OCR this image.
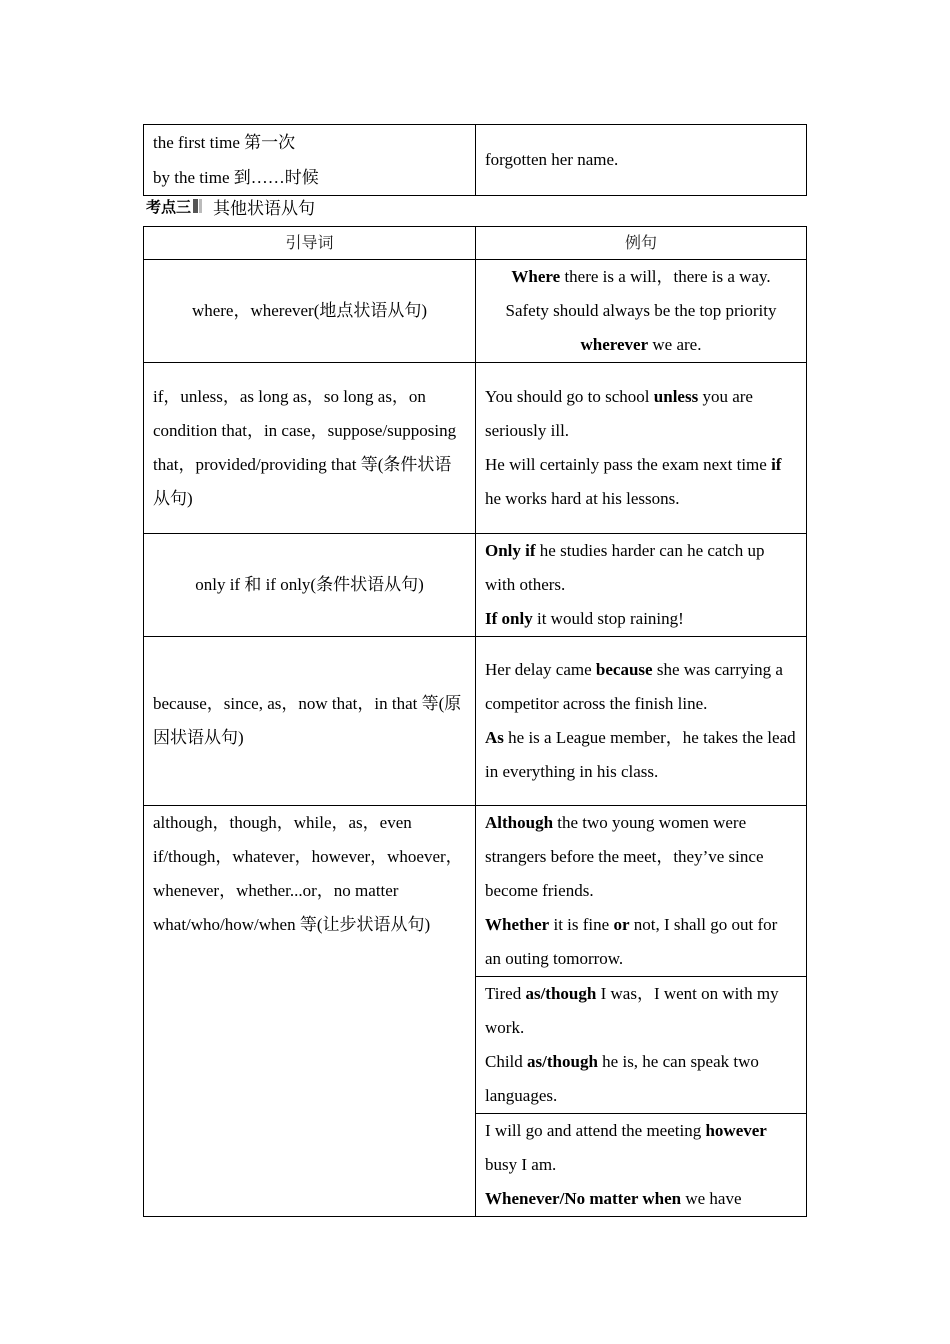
the first time 第一次
by the time 到……时候
	forgotten her name.
考点三 其他状语从句
引导词	例句
where，wherever(地点状语从句)	Where there is a will，there is a way.
Safety should always be the top priority wherever we are.

if，unless，as long as，so long as，on condition that，in case，suppose/supposing that，provided/providing that 等(条件状语从句)	You should go to school unless you are seriously ill.
He will certainly pass the exam next time if he works hard at his lessons.

only if 和 if only(条件状语从句)	Only if he studies harder can he catch up with others.
If only it would stop raining!

because，since, as，now that，in that 等(原因状语从句)	Her delay came because she was carrying a competitor across the finish line.
As he is a League member，he takes the lead in everything in his class.

although，though，while，as，even if/though，whatever，however，whoever，whenever，whether...or，no matter what/who/how/when 等(让步状语从句)	Although the two young women were strangers before the meet，they’ve since become friends.
Whether it is fine or not, I shall go out for an outing tomorrow.

	Tired as/though I was，I went on with my work.
Child as/though he is, he can speak two languages.

	I will go and attend the meeting however busy I am.
Whenever/No matter when we have
